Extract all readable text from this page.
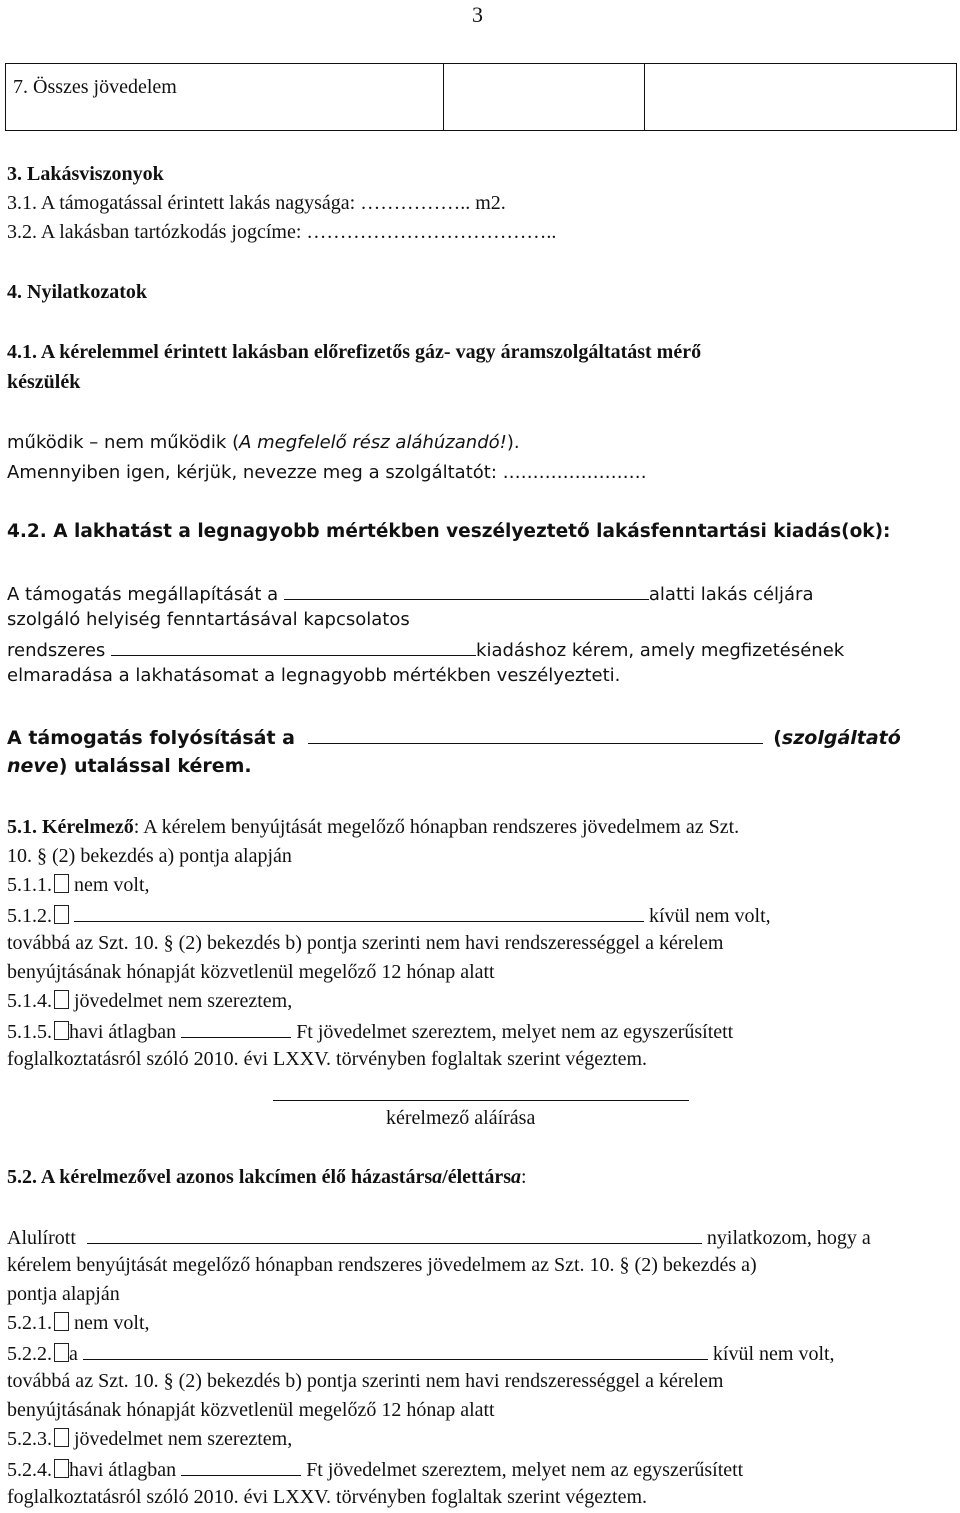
3
7. Összes jövedelem
3. Lakásviszonyok
3.1. A támogatással érintett lakás nagysága: …………….. m2.
3.2. A lakásban tartózkodás jogcíme: ………………………………..
4. Nyilatkozatok
4.1. A kérelemmel érintett lakásban előrefizetős gáz- vagy áramszolgáltatást mérő
készülék
működik – nem működik (A megfelelő rész aláhúzandó!).
Amennyiben igen, kérjük, nevezze meg a szolgáltatót: ……………………
4.2. A lakhatást a legnagyobb mértékben veszélyeztető lakásfenntartási kiadás(ok):
A támogatás megállapítását a	alatti lakás céljára
szolgáló helyiség fenntartásával kapcsolatos
rendszeres	kiadáshoz kérem, amely megfizetésének
elmaradása a lakhatásomat a legnagyobb mértékben veszélyezteti.
A támogatás folyósítását a	(szolgáltató
neve) utalással kérem.
5.1. Kérelmező: A kérelem benyújtását megelőző hónapban rendszeres jövedelmem az Szt.
10. § (2) bekezdés a) pontja alapján
5.1.1. nem volt,
5.1.2.	kívül nem volt,
továbbá az Szt. 10. § (2) bekezdés b) pontja szerinti nem havi rendszerességgel a kérelem
benyújtásának hónapját közvetlenül megelőző 12 hónap alatt
5.1.4. jövedelmet nem szereztem,
5.1.5. havi átlagban	Ft jövedelmet szereztem, melyet nem az egyszerűsített
foglalkoztatásról szóló 2010. évi LXXV. törvényben foglaltak szerint végeztem.
kérelmező aláírása
5.2. A kérelmezővel azonos lakcímen élő házastársa/élettársa:
Alulírott	nyilatkozom, hogy a
kérelem benyújtását megelőző hónapban rendszeres jövedelmem az Szt. 10. § (2) bekezdés a)
pontja alapján
5.2.1. nem volt,
5.2.2. a	kívül nem volt,
továbbá az Szt. 10. § (2) bekezdés b) pontja szerinti nem havi rendszerességgel a kérelem
benyújtásának hónapját közvetlenül megelőző 12 hónap alatt
5.2.3. jövedelmet nem szereztem,
5.2.4. havi átlagban	Ft jövedelmet szereztem, melyet nem az egyszerűsített
foglalkoztatásról szóló 2010. évi LXXV. törvényben foglaltak szerint végeztem.
